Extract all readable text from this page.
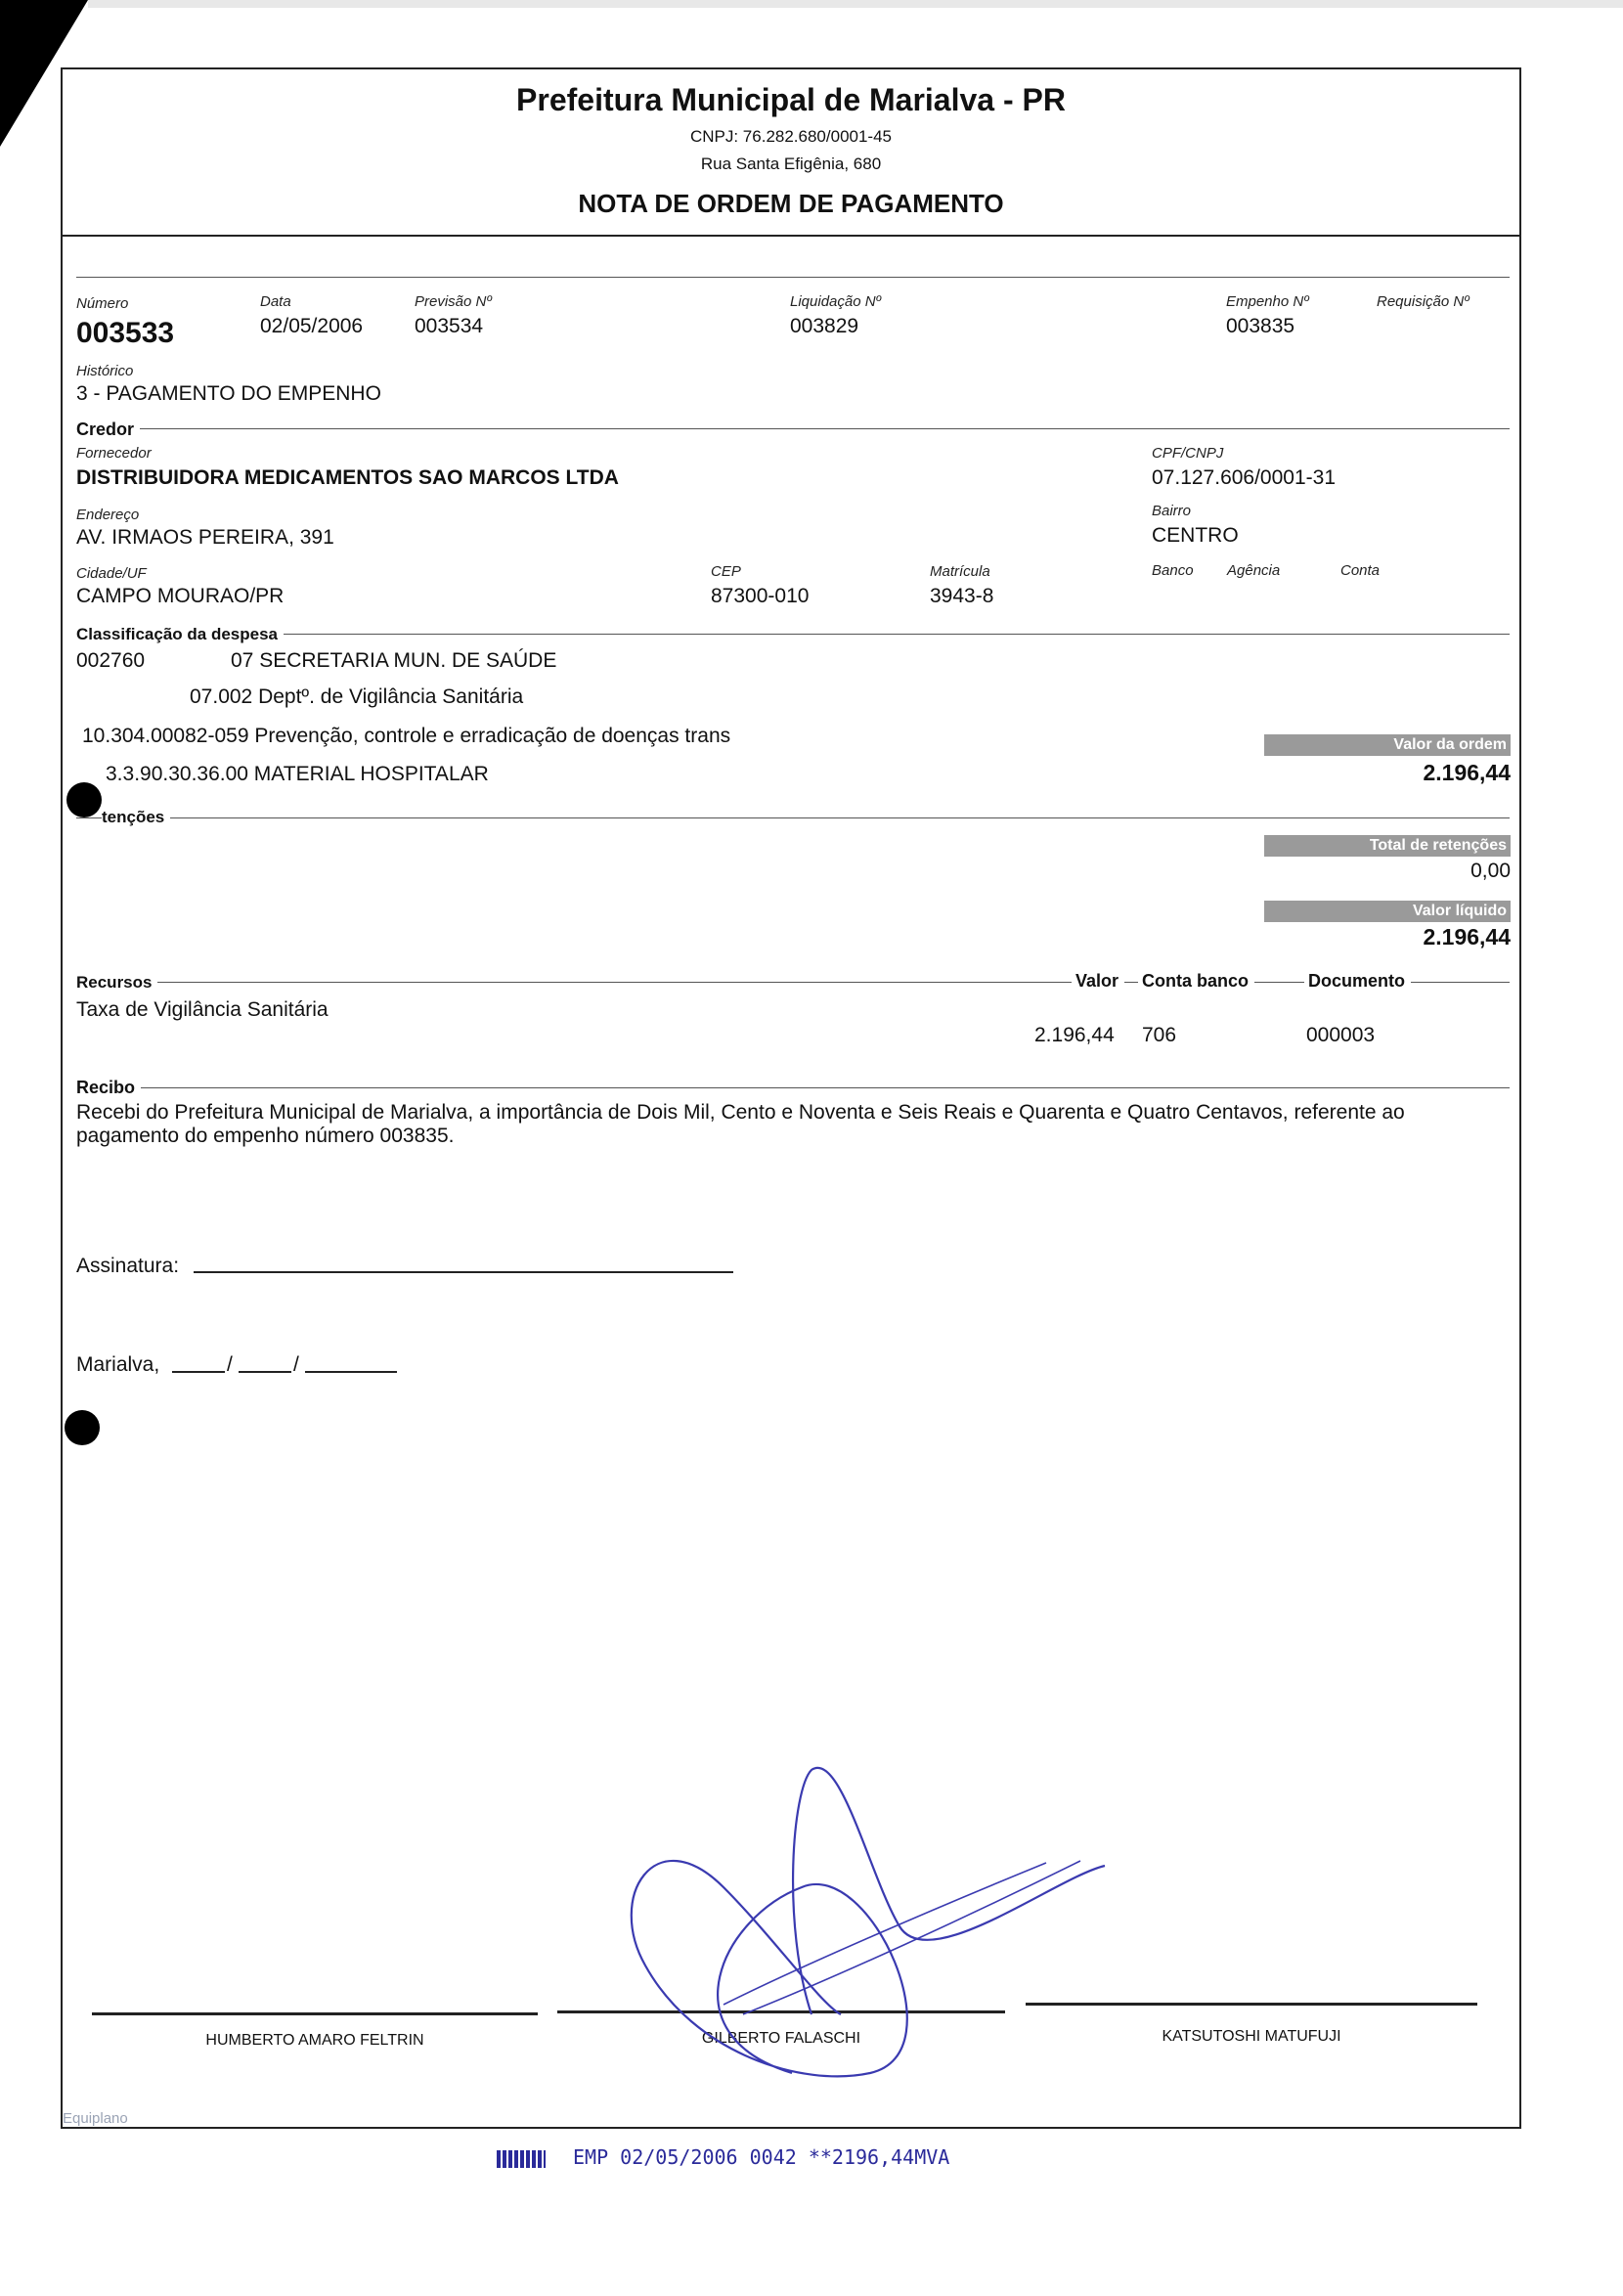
Prefeitura Municipal de Marialva - PR
CNPJ: 76.282.680/0001-45
Rua Santa Efigênia, 680
NOTA DE ORDEM DE PAGAMENTO
Número
003533
Data
02/05/2006
Previsão Nº
003534
Liquidação Nº
003829
Empenho Nº
003835
Requisição Nº
Histórico
3 - PAGAMENTO DO EMPENHO
Credor
Fornecedor
DISTRIBUIDORA MEDICAMENTOS SAO MARCOS LTDA
CPF/CNPJ
07.127.606/0001-31
Endereço
AV. IRMAOS PEREIRA, 391
Bairro
CENTRO
Cidade/UF
CAMPO MOURAO/PR
CEP
87300-010
Matrícula
3943-8
Banco Agência	Conta
Classificação da despesa
002760	07 SECRETARIA MUN. DE SAÚDE
07.002 Deptº. de Vigilância Sanitária
10.304.00082-059 Prevenção, controle e erradicação de doenças trans
3.3.90.30.36.00 MATERIAL HOSPITALAR
Valor da ordem
2.196,44
tenções
Total de retenções
0,00
Valor líquido
2.196,44
Recursos	Valor	Conta banco	Documento
Taxa de Vigilância Sanitária
2.196,44 706	000003
Recibo
Recebi do Prefeitura Municipal de Marialva, a importância de Dois Mil, Cento e Noventa e Seis Reais e Quarenta e Quatro Centavos, referente ao pagamento do empenho número 003835.
Assinatura:
Marialva,	/	/
HUMBERTO AMARO FELTRIN	GILBERTO FALASCHI	KATSUTOSHI MATUFUJI
Equiplano
EMP 02/05/2006 0042 **2196,44MVA
